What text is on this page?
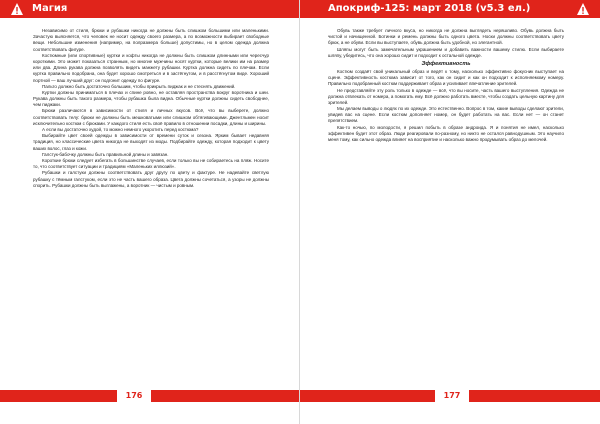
Магия

Независимо от стиля, брюки и рубашки никогда не должны быть слишком большими или маленькими. Зачастую выясняется, что человек не носит одежду своего размера, а по возможности выбирает свободные вещи. Небольшие изменения (например, на полразмера больше) допустимы, но в целом одежда должна соответствовать фигуре.

Костюмные (или спортивные) куртки и кофты никогда не должны быть слишком длинными или чересчур короткими. Это может показаться странным, но многие мужчины носят куртки, которые велики им на размер или два. Длина рукава должна позволять видеть манжету рубашки. Куртка должна сидеть по плечам. Если куртка правильно подобрана, она будет хорошо смотреться и в застёгнутом, и в расстёгнутом виде. Хороший портной — ваш лучший друг: он подгонит одежду по фигуре.

Пальто должно быть достаточно большим, чтобы прикрыть пиджак и не стеснять движений.

Куртки должны приниматься в плечах и спине ровно, не оставляя пространства вокруг воротника и шеи. Рукава должны быть такого размера, чтобы рубашка была видна. Обычные куртки должны сидеть свободнее, чем пиджаки.

Брюки различаются в зависимости от стиля и личных вкусов. Всё, что вы выберете, должно соответствовать телу: брюки не должны быть мешковатыми или слишком обтягивающими. Джентльмен носит исключительно костюм с брюками. У каждого стиля есть своё правило в отношении посадки, длины и ширины.

А если вы достаточно худой, то можно немного укоротить перед костюма?

Выбирайте цвет своей одежды в зависимости от времени суток и сезона. Ярким бывает недавняя традиция, но классические цвета никогда не выходят из моды. Подбирайте одежду, которая подходит к цвету ваших волос, глаз и кожи.

Галстук-бабочку должны быть правильной длины и завязан.

Короткие брюки следует избегать в большинстве случаев, если только вы не собираетесь на пляж. Носите то, что соответствует ситуации и традициям «Маленьких иллюзий».

Рубашки и галстуки должны соответствовать друг другу по цвету и фактуре. Не надевайте светлую рубашку с тёмным галстуком, если это не часть вашего образа. Цвета должны сочетаться, а узоры не должны спорить. Рубашки должны быть выглажены, а воротник — чистым и ровным.

176
Апокриф-125: март 2018 (v5.3 ел.)

Обувь также требует личного вкуса, но никогда не должна выглядеть неряшливо. Обувь должна быть чистой и начищенной. Ботинки и ремень должны быть одного цвета. Носки должны соответствовать цвету брюк, а не обуви. Если вы выступаете, обувь должна быть удобной, но элегантной.

Шляпы могут быть замечательным украшением и добавить важности вашему стилю. Если выбираете шляпу, убедитесь, что она хорошо сидит и подходит к остальной одежде.

Эффективность

Костюм создаёт свой уникальный образ и ведёт к тому, насколько эффективно фокусник выступает на сцене. Эффективность костюма зависит от того, как он сидит и как он подходит к исполняемому номеру. Правильно подобранный костюм поддерживает образ и усиливает впечатление зрителей.

Не представляйте эту роль только в одежде — всё, что вы носите, часть вашего выступления. Одежда не должна отвлекать от номера, а помогать ему. Всё должно работать вместе, чтобы создать цельную картину для зрителей.

Мы делаем выводы о людях по их одежде. Это естественно. Вопрос в том, какие выводы сделают зрители, увидев вас на сцене. Если костюм дополняет номер, он будет работать на вас. Если нет — он станет препятствием.

Как-то ночью, по молодости, я решил побыть в образе андроида. Я и понятия не имел, насколько эффективен будет этот образ. Люди реагировали по-разному, но никто не остался равнодушным. Это научило меня тому, как сильно одежда влияет на восприятие и насколько важно продумывать образ до мелочей.

177
